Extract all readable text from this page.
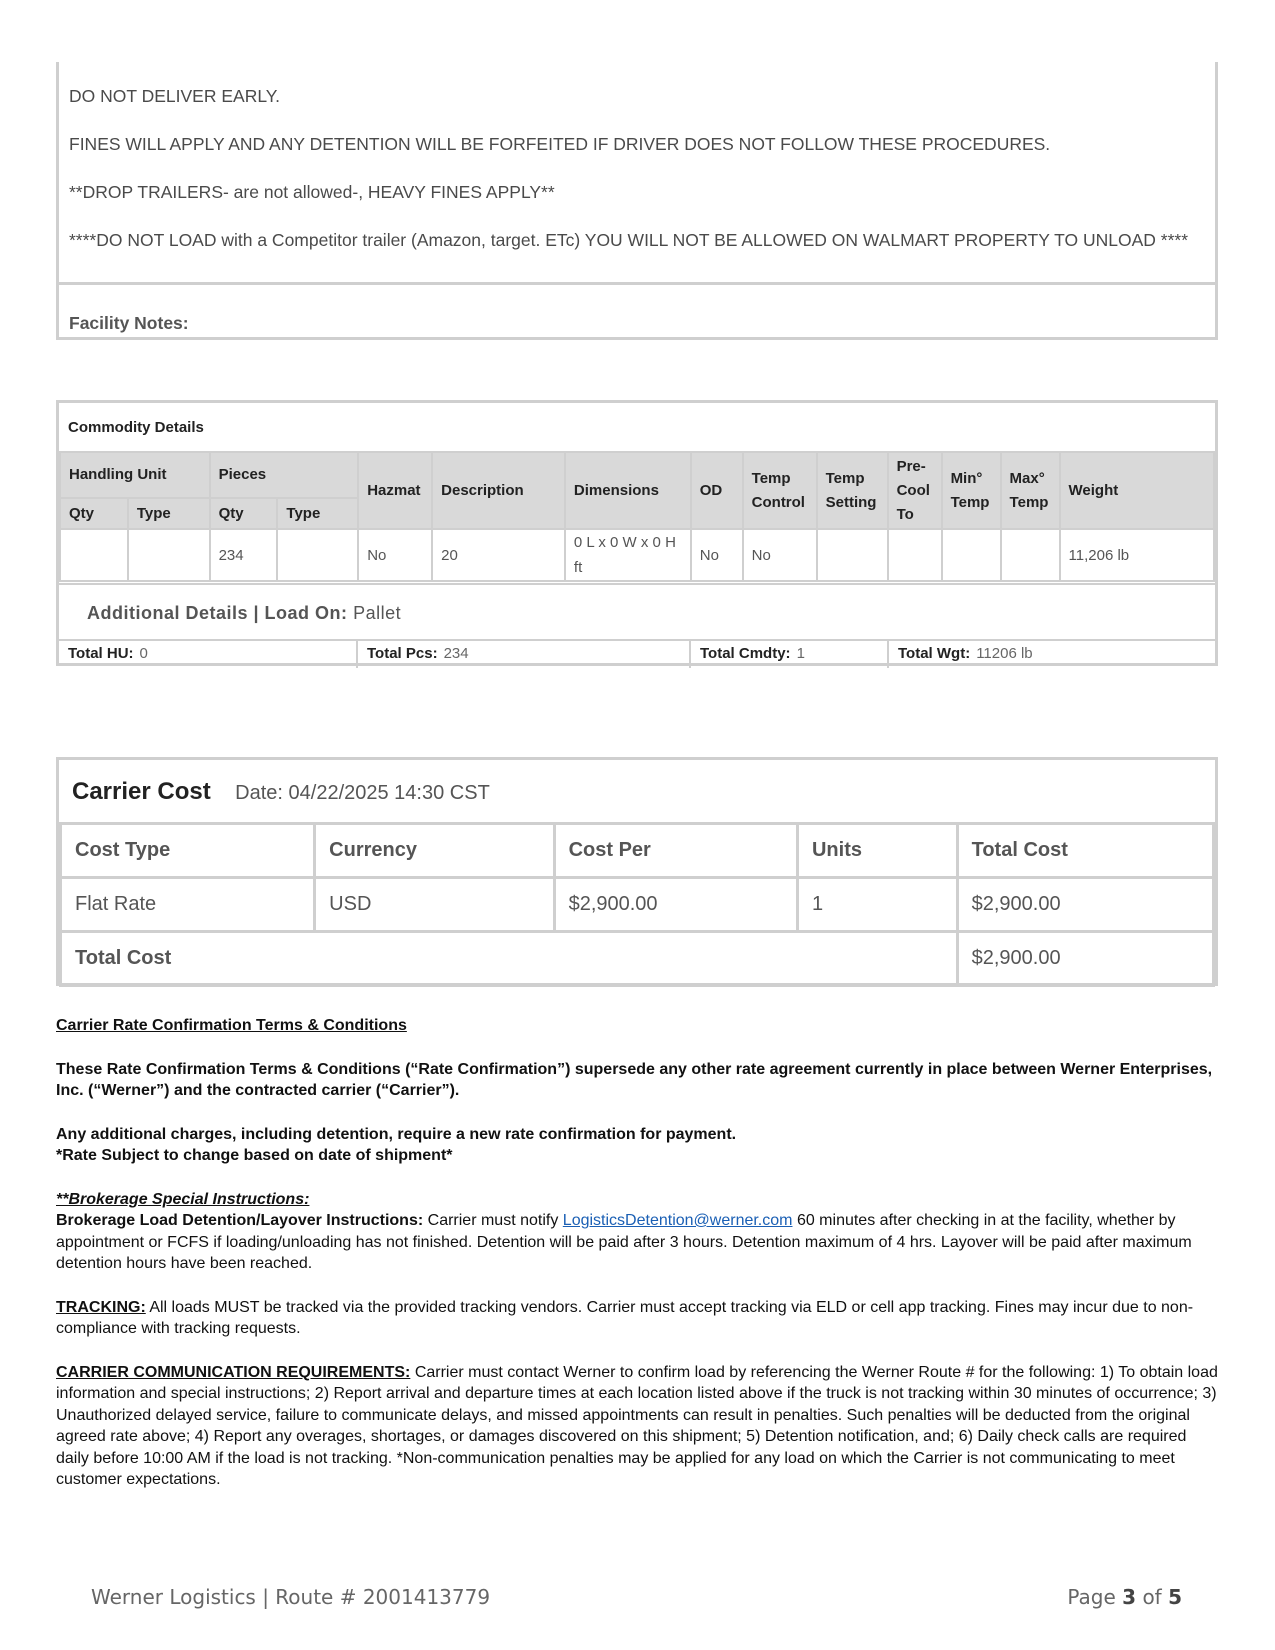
DO NOT DELIVER EARLY.

FINES WILL APPLY AND ANY DETENTION WILL BE FORFEITED IF DRIVER DOES NOT FOLLOW THESE PROCEDURES.

**DROP TRAILERS- are not allowed-, HEAVY FINES APPLY**

****DO NOT LOAD with a Competitor trailer (Amazon, target. ETc) YOU WILL NOT BE ALLOWED ON WALMART PROPERTY TO UNLOAD ****

Facility Notes:
Commodity Details
Handling Unit		Pieces		Hazmat	Description	Dimensions	OD	Temp Control	Temp Setting	Pre-Cool To	Min° Temp	Max° Temp	Weight
Qty	Type	Qty	Type										
		234		No	20	0 L x 0 W x 0 H ft	No	No					11,206 lb
Additional Details | Load On: Pallet
Total HU: 0	Total Pcs: 234	Total Cmdty: 1	Total Wgt: 11206 lb
Carrier Cost Date: 04/22/2025 14:30 CST
Cost Type	Currency	Cost Per	Units	Total Cost
Flat Rate	USD	$2,900.00	1	$2,900.00
Total Cost				$2,900.00

Carrier Rate Confirmation Terms & Conditions

These Rate Confirmation Terms & Conditions (“Rate Confirmation”) supersede any other rate agreement currently in place between Werner Enterprises, Inc. (“Werner”) and the contracted carrier (“Carrier”).

Any additional charges, including detention, require a new rate confirmation for payment.

*Rate Subject to change based on date of shipment*

**Brokerage Special Instructions:

Brokerage Load Detention/Layover Instructions: Carrier must notify LogisticsDetention@werner.com 60 minutes after checking in at the facility, whether by appointment or FCFS if loading/unloading has not finished. Detention will be paid after 3 hours. Detention maximum of 4 hrs. Layover will be paid after maximum detention hours have been reached.

TRACKING: All loads MUST be tracked via the provided tracking vendors. Carrier must accept tracking via ELD or cell app tracking. Fines may incur due to non-compliance with tracking requests.

CARRIER COMMUNICATION REQUIREMENTS: Carrier must contact Werner to confirm load by referencing the Werner Route # for the following: 1) To obtain load information and special instructions; 2) Report arrival and departure times at each location listed above if the truck is not tracking within 30 minutes of occurrence; 3) Unauthorized delayed service, failure to communicate delays, and missed appointments can result in penalties. Such penalties will be deducted from the original agreed rate above; 4) Report any overages, shortages, or damages discovered on this shipment; 5) Detention notification, and; 6) Daily check calls are required daily before 10:00 AM if the load is not tracking. *Non-communication penalties may be applied for any load on which the Carrier is not communicating to meet customer expectations.

Werner Logistics | Route # 2001413779	Page 3 of 5
